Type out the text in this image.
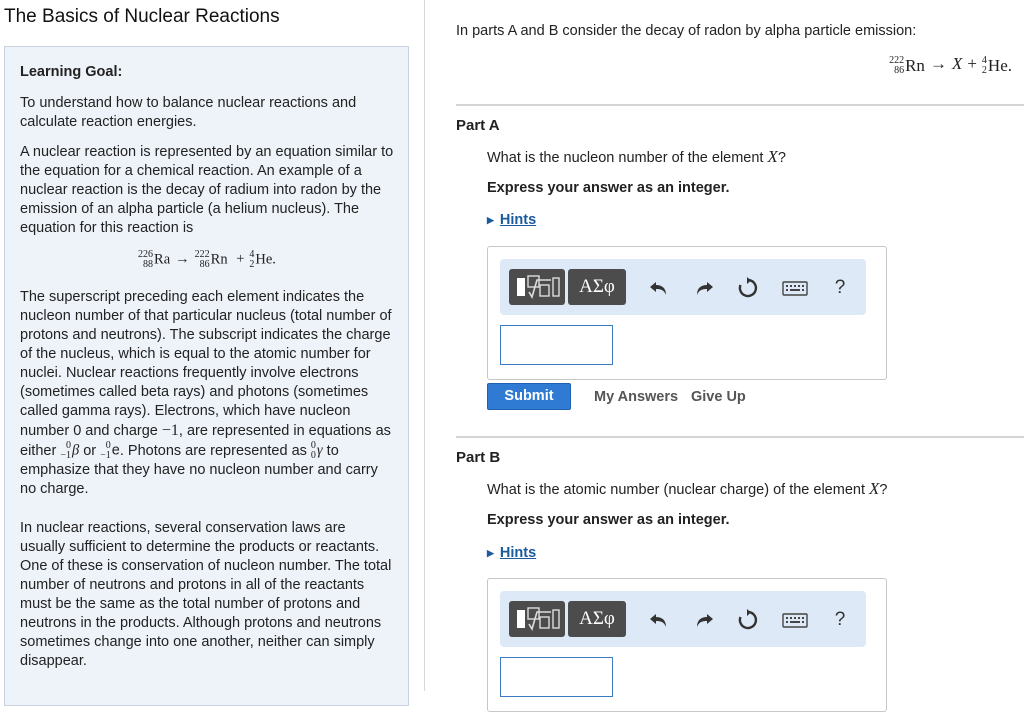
The Basics of Nuclear Reactions

Learning Goal:

To understand how to balance nuclear reactions and calculate reaction energies.

A nuclear reaction is represented by an equation similar to the equation for a chemical reaction. An example of a nuclear reaction is the decay of radium into radon by the emission of an alpha particle (a helium nucleus). The equation for this reaction is

226
88 Ra → 222
86 Rn + 4
2 He.

The superscript preceding each element indicates the nucleon number of that particular nucleus (total number of protons and neutrons). The subscript indicates the charge of the nucleus, which is equal to the atomic number for nuclei. Nuclear reactions frequently involve electrons (sometimes called beta rays) and photons (sometimes called gamma rays). Electrons, which have nucleon number 0 and charge −1, are represented in equations as either 0
−1 β or 0
−1 e. Photons are represented as 0
0 γ to emphasize that they have no nucleon number and carry no charge.

In nuclear reactions, several conservation laws are usually sufficient to determine the products or reactants. One of these is conservation of nucleon number. The total number of neutrons and protons in all of the reactants must be the same as the total number of protons and neutrons in the products. Although protons and neutrons sometimes change into one another, neither can simply disappear.

In parts A and B consider the decay of radon by alpha particle emission:
222
86 Rn → X + 4
2 He.
Part A
What is the nucleon number of the element X?
Express your answer as an integer.
▶ Hints
ΑΣφ	?
Submit	My Answers Give Up
Part B
What is the atomic number (nuclear charge) of the element X?
Express your answer as an integer.
▶ Hints
ΑΣφ	?
